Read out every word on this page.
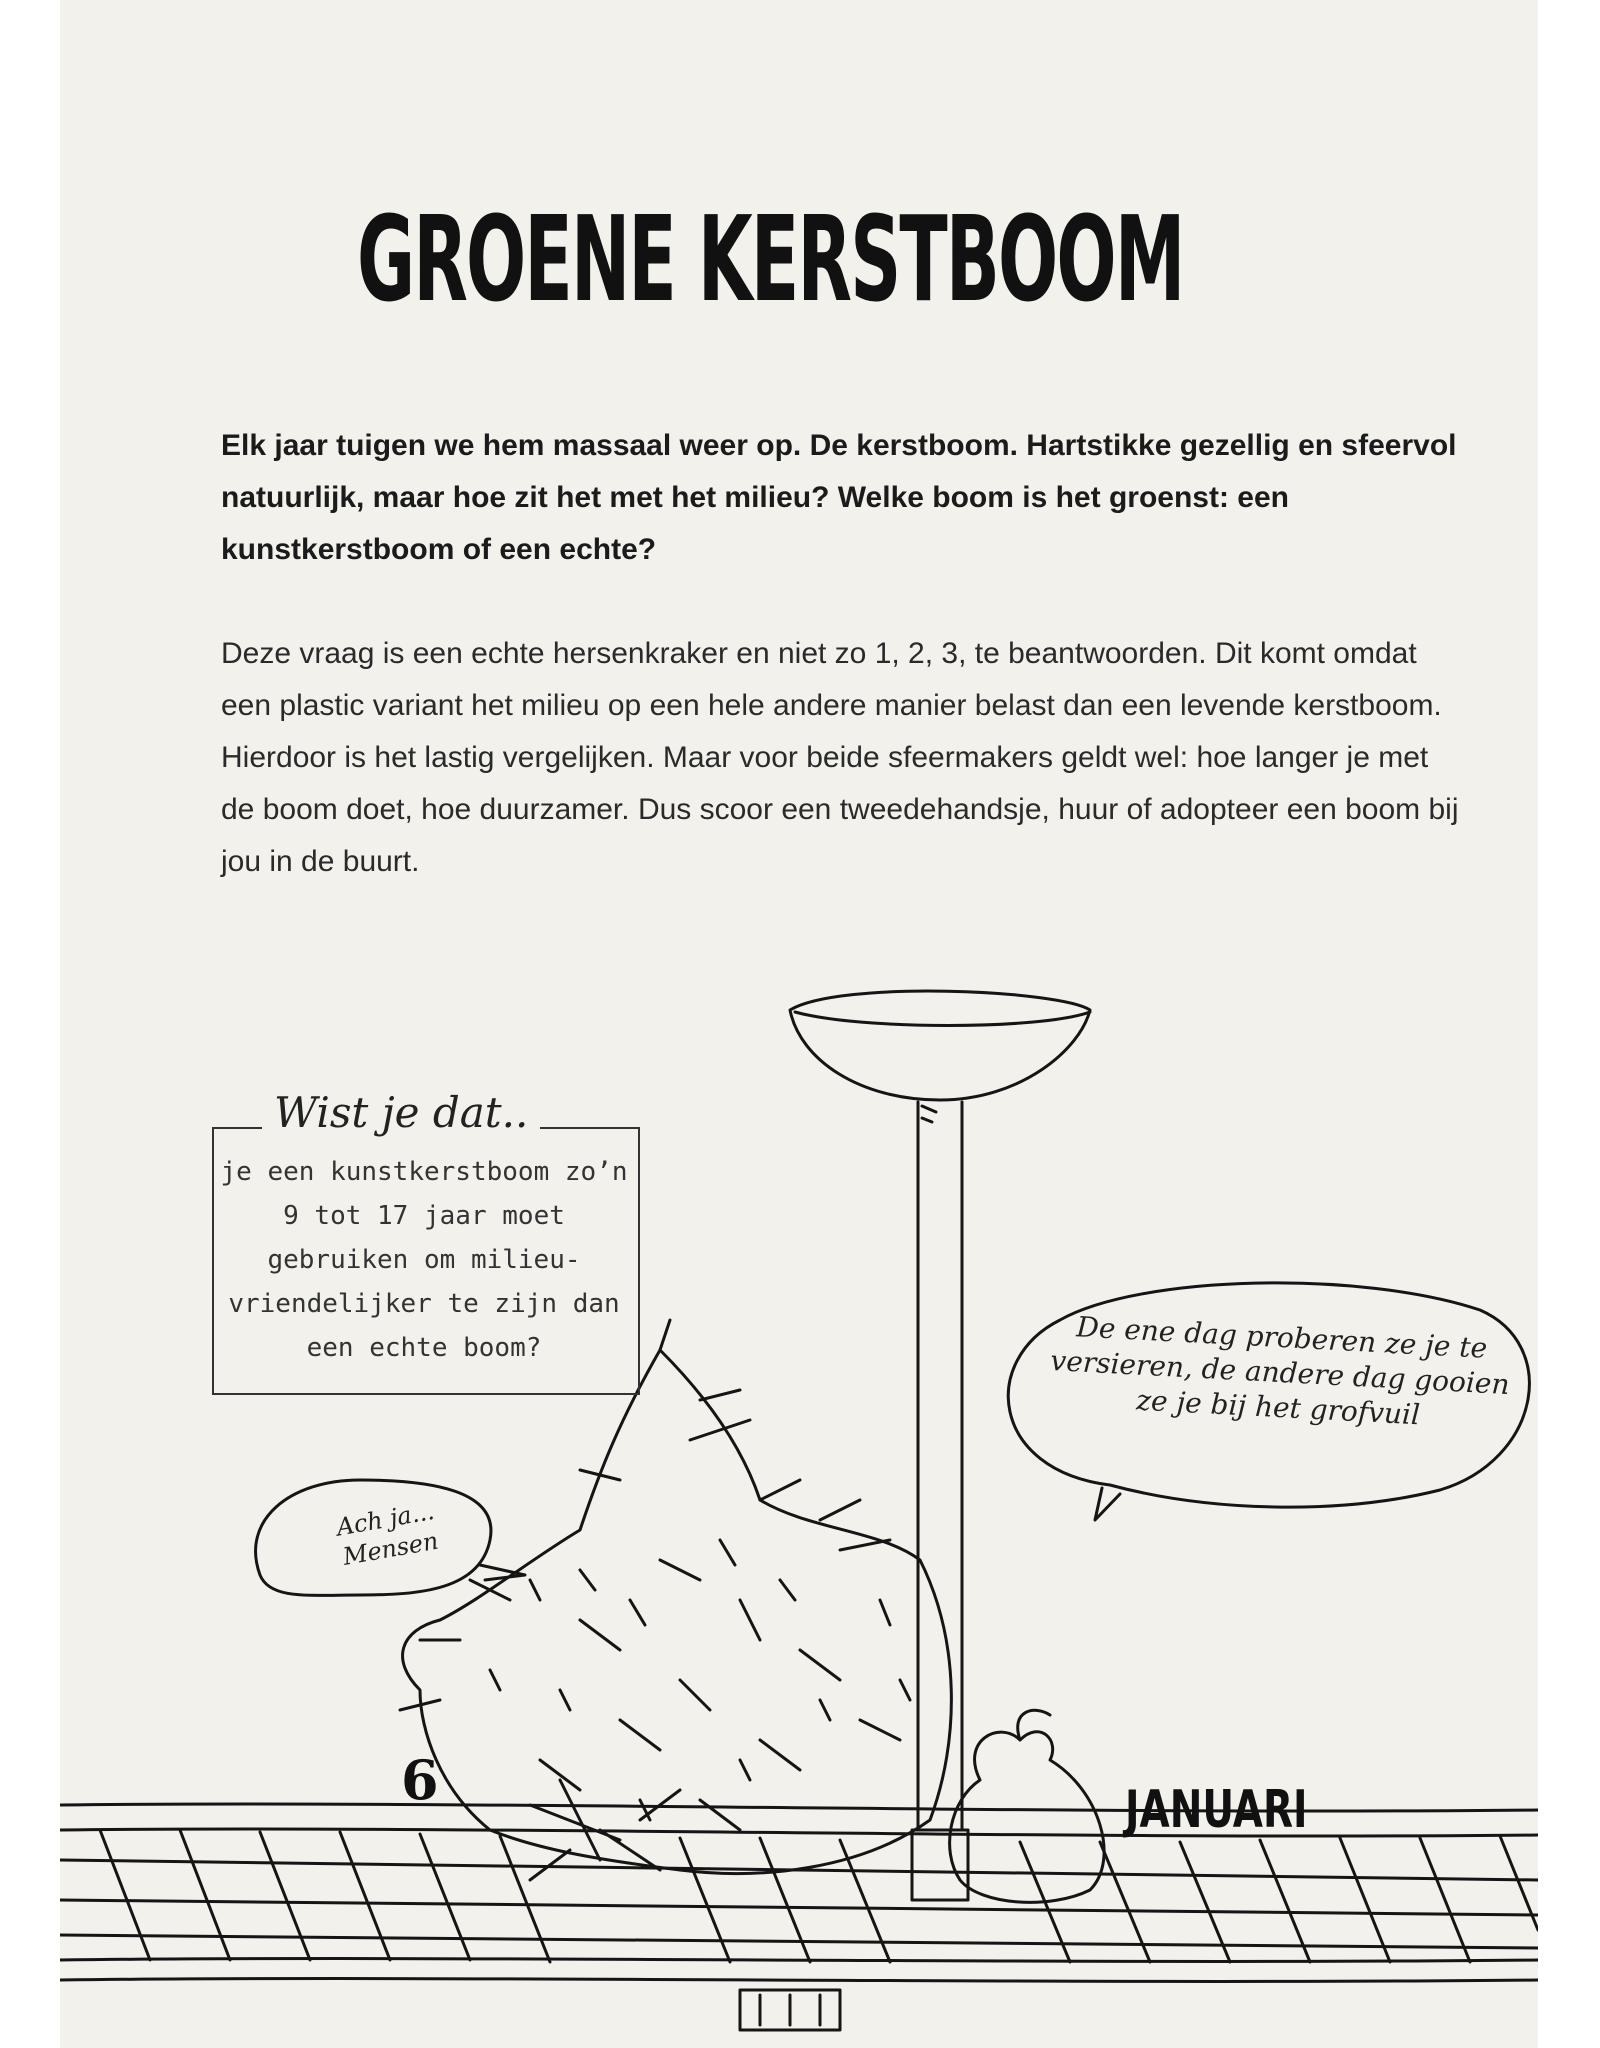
GROENE KERSTBOOM
Elk jaar tuigen we hem massaal weer op. De kerstboom. Hartstikke gezellig en sfeervol natuurlijk, maar hoe zit het met het milieu? Welke boom is het groenst: een kunstkerstboom of een echte?
Deze vraag is een echte hersenkraker en niet zo 1, 2, 3, te beantwoorden. Dit komt omdat een plastic variant het milieu op een hele andere manier belast dan een levende kerstboom. Hierdoor is het lastig vergelijken. Maar voor beide sfeermakers geldt wel: hoe langer je met de boom doet, hoe duurzamer. Dus scoor een tweedehandsje, huur of adopteer een boom bij jou in de buurt.
Wist je dat..
je een kunstkerstboom zo’n 9 tot 17 jaar moet gebruiken om milieu-vriendelijker te zijn dan een echte boom?	De ene dag proberen ze je te versieren, de andere dag gooien ze je bij het grofvuil
Ach ja... Mensen
6	JANUARI
